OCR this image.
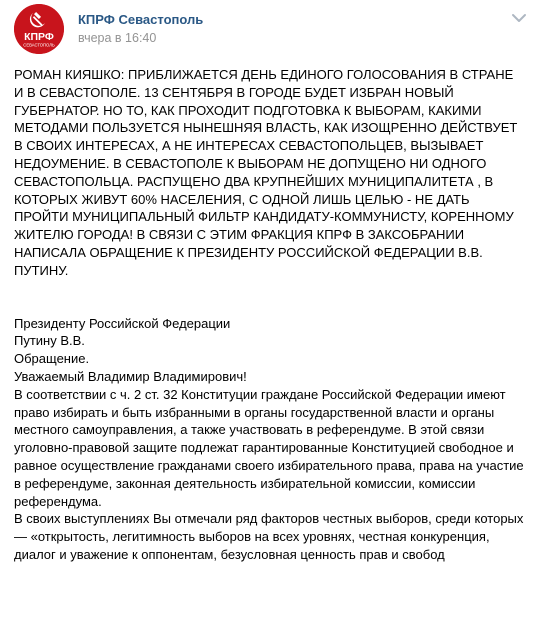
КПРФ
СЕВАСТОПОЛЬ
КПРФ Севастополь
вчера в 16:40

РОМАН КИЯШКО: ПРИБЛИЖАЕТСЯ ДЕНЬ ЕДИНОГО ГОЛОСОВАНИЯ В СТРАНЕ И В СЕВАСТОПОЛЕ. 13 СЕНТЯБРЯ В ГОРОДЕ БУДЕТ ИЗБРАН НОВЫЙ ГУБЕРНАТОР. НО ТО, КАК ПРОХОДИТ ПОДГОТОВКА К ВЫБОРАМ, КАКИМИ МЕТОДАМИ ПОЛЬЗУЕТСЯ НЫНЕШНЯЯ ВЛАСТЬ, КАК ИЗОЩРЕННО ДЕЙСТВУЕТ В СВОИХ ИНТЕРЕСАХ, А НЕ ИНТЕРЕСАХ СЕВАСТОПОЛЬЦЕВ, ВЫЗЫВАЕТ НЕДОУМЕНИЕ. В СЕВАСТОПОЛЕ К ВЫБОРАМ НЕ ДОПУЩЕНО НИ ОДНОГО СЕВАСТОПОЛЬЦА. РАСПУЩЕНО ДВА КРУПНЕЙШИХ МУНИЦИПАЛИТЕТА , В КОТОРЫХ ЖИВУТ 60% НАСЕЛЕНИЯ, С ОДНОЙ ЛИШЬ ЦЕЛЬЮ - НЕ ДАТЬ ПРОЙТИ МУНИЦИПАЛЬНЫЙ ФИЛЬТР КАНДИДАТУ-КОММУНИСТУ, КОРЕННОМУ ЖИТЕЛЮ ГОРОДА! В СВЯЗИ С ЭТИМ ФРАКЦИЯ КПРФ В ЗАКСОБРАНИИ НАПИСАЛА ОБРАЩЕНИЕ К ПРЕЗИДЕНТУ РОССИЙСКОЙ ФЕДЕРАЦИИ В.В. ПУТИНУ.

Президенту Российской Федерации

Путину В.В.

Обращение.

Уважаемый Владимир Владимирович!

В соответствии с ч. 2 ст. 32 Конституции граждане Российской Федерации имеют право избирать и быть избранными в органы государственной власти и органы местного самоуправления, а также участвовать в референдуме. В этой связи

уголовно-правовой защите подлежат гарантированные Конституцией свободное и

равное осуществление гражданами своего избирательного права, права на участие

в референдуме, законная деятельность избирательной комиссии, комиссии референдума.

В своих выступлениях Вы отмечали ряд факторов честных выборов, среди которых — «открытость, легитимность выборов на всех уровнях, честная конкуренция, диалог и уважение к оппонентам, безусловная ценность прав и свобод
